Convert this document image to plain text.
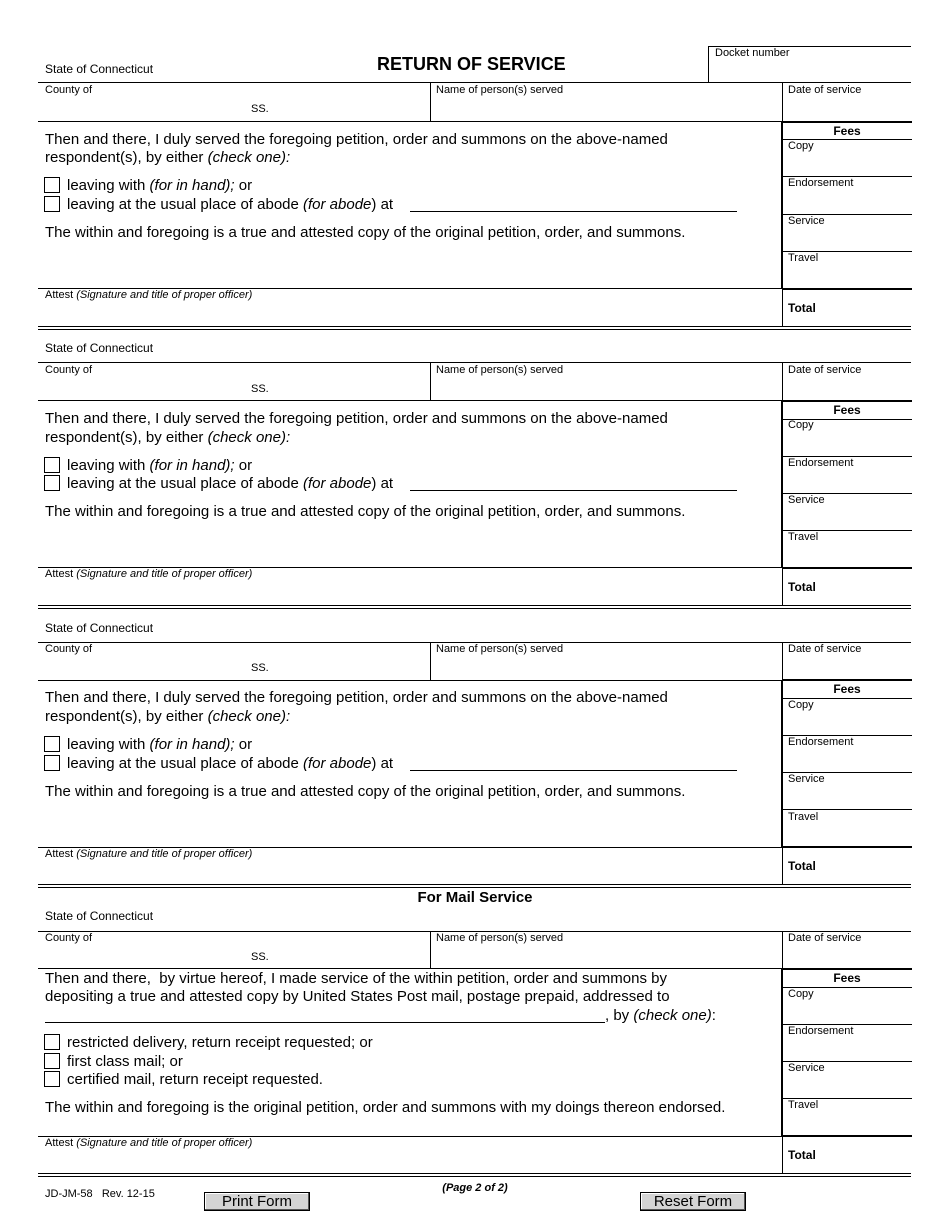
State of Connecticut	RETURN OF SERVICE
Docket number
County of
SS.
Name of person(s) served	Date of service
Then and there, I duly served the foregoing petition, order and summons on the above-named
respondent(s), by either (check one):
leaving with (for in hand); or
leaving at the usual place of abode (for abode) at
The within and foregoing is a true and attested copy of the original petition, order, and summons.
Attest (Signature and title of proper officer)
Fees
Copy
Endorsement
Service
Travel
Total
State of Connecticut
County of
SS.
Name of person(s) served	Date of service
Then and there, I duly served the foregoing petition, order and summons on the above-named
respondent(s), by either (check one):
leaving with (for in hand); or
leaving at the usual place of abode (for abode) at
The within and foregoing is a true and attested copy of the original petition, order, and summons.
Attest (Signature and title of proper officer)
Fees
Copy
Endorsement
Service
Travel
Total
State of Connecticut
County of
SS.
Name of person(s) served	Date of service
Then and there, I duly served the foregoing petition, order and summons on the above-named
respondent(s), by either (check one):
leaving with (for in hand); or
leaving at the usual place of abode (for abode) at
The within and foregoing is a true and attested copy of the original petition, order, and summons.
Attest (Signature and title of proper officer)
Fees
Copy
Endorsement
Service
Travel
Total
For Mail Service
State of Connecticut
County of
SS.
Name of person(s) served	Date of service
Then and there,  by virtue hereof, I made service of the within petition, order and summons by
depositing a true and attested copy by United States Post mail, postage prepaid, addressed to
, by (check one):
restricted delivery, return receipt requested; or
first class mail; or
certified mail, return receipt requested.
The within and foregoing is the original petition, order and summons with my doings thereon endorsed.
Attest (Signature and title of proper officer)
Fees
Copy
Endorsement
Service
Travel
Total
JD-JM-58   Rev. 12-15	(Page 2 of 2)
Print Form	Reset Form
